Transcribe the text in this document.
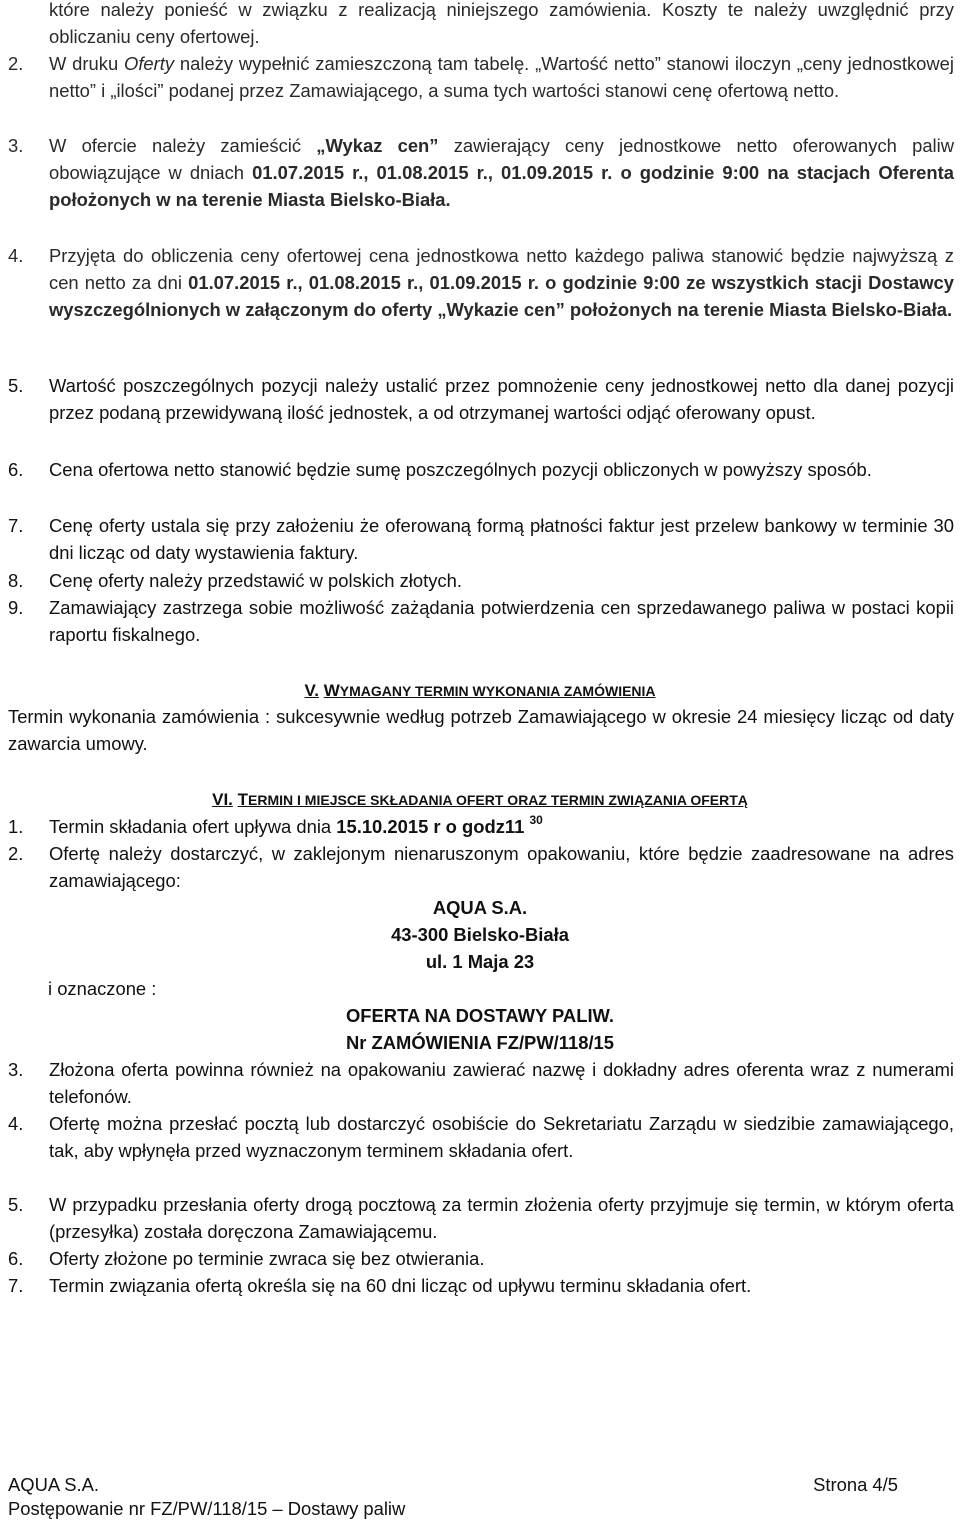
które należy ponieść w związku z realizacją niniejszego zamówienia. Koszty te należy uwzględnić przy obliczaniu ceny ofertowej.
2.	W druku Oferty należy wypełnić zamieszczoną tam tabelę. „Wartość netto” stanowi iloczyn „ceny jednostkowej netto” i „ilości” podanej przez Zamawiającego, a suma tych wartości stanowi cenę ofertową netto.
3.	W ofercie należy zamieścić „Wykaz cen” zawierający ceny jednostkowe netto oferowanych paliw obowiązujące w dniach 01.07.2015 r., 01.08.2015 r., 01.09.2015 r. o godzinie 9:00 na stacjach Oferenta położonych w na terenie Miasta Bielsko-Biała.
4.	Przyjęta do obliczenia ceny ofertowej cena jednostkowa netto każdego paliwa stanowić będzie najwyższą z cen netto za dni 01.07.2015 r., 01.08.2015 r., 01.09.2015 r. o godzinie 9:00 ze wszystkich stacji Dostawcy wyszczególnionych w załączonym do oferty „Wykazie cen” położonych na terenie Miasta Bielsko-Biała.
5.	Wartość poszczególnych pozycji należy ustalić przez pomnożenie ceny jednostkowej netto dla danej pozycji przez podaną przewidywaną ilość jednostek, a od otrzymanej wartości odjąć oferowany opust.
6.	Cena ofertowa netto stanowić będzie sumę poszczególnych pozycji obliczonych w powyższy sposób.
7.	Cenę oferty ustala się przy założeniu że oferowaną formą płatności faktur jest przelew bankowy w terminie 30 dni licząc od daty wystawienia faktury.
8.	Cenę oferty należy przedstawić w polskich złotych.
9.	Zamawiający zastrzega sobie możliwość zażądania potwierdzenia cen sprzedawanego paliwa w postaci kopii raportu fiskalnego.
V. WYMAGANY TERMIN WYKONANIA ZAMÓWIENIA
Termin wykonania zamówienia : sukcesywnie według potrzeb Zamawiającego w okresie 24 miesięcy licząc od daty zawarcia umowy.
VI. TERMIN I MIEJSCE SKŁADANIA OFERT ORAZ TERMIN ZWIĄZANIA OFERTĄ
1.	Termin składania ofert upływa dnia 15.10.2015 r o godz11 $^{30}$
2.	Ofertę należy dostarczyć, w zaklejonym nienaruszonym opakowaniu, które będzie zaadresowane na adres zamawiającego:
AQUA S.A.
43-300 Bielsko-Biała
ul. 1 Maja 23
i oznaczone :
OFERTA NA DOSTAWY PALIW.
Nr ZAMÓWIENIA FZ/PW/118/15
3.	Złożona oferta powinna również na opakowaniu zawierać nazwę i dokładny adres oferenta wraz z numerami telefonów.
4.	Ofertę można przesłać pocztą lub dostarczyć osobiście do Sekretariatu Zarządu w siedzibie zamawiającego, tak, aby wpłynęła przed wyznaczonym terminem składania ofert.
5.	W przypadku przesłania oferty drogą pocztową za termin złożenia oferty przyjmuje się termin, w którym oferta (przesyłka) została doręczona Zamawiającemu.
6.	Oferty złożone po terminie zwraca się bez otwierania.
7.	Termin związania ofertą określa się na 60 dni licząc od upływu terminu składania ofert.
AQUA S.A.	Strona 4/5
Postępowanie nr FZ/PW/118/15 – Dostawy paliw
